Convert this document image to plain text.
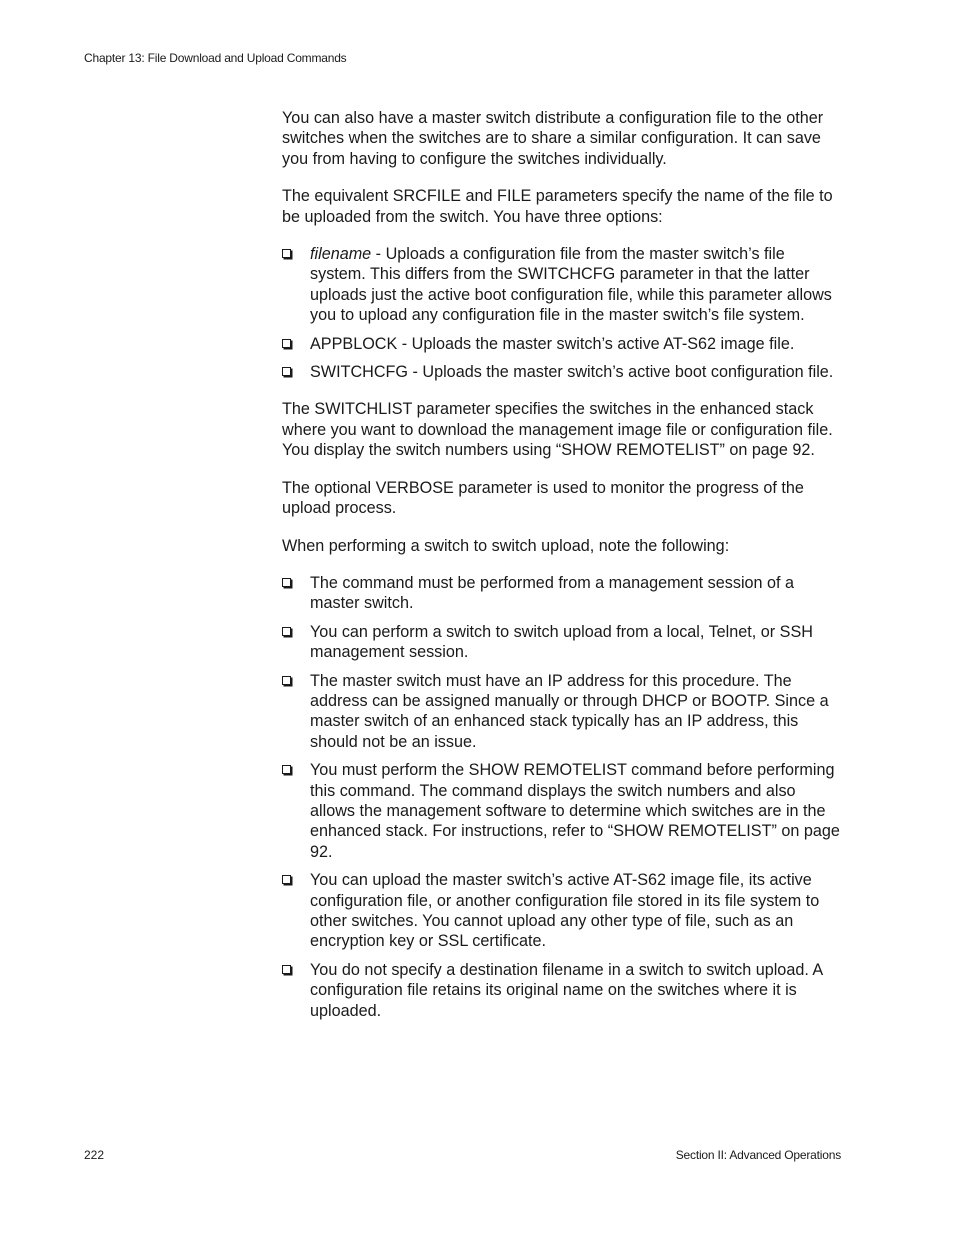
Chapter 13: File Download and Upload Commands

You can also have a master switch distribute a configuration file to the other switches when the switches are to share a similar configuration. It can save you from having to configure the switches individually.

The equivalent SRCFILE and FILE parameters specify the name of the file to be uploaded from the switch. You have three options:

filename - Uploads a configuration file from the master switch’s file system. This differs from the SWITCHCFG parameter in that the latter uploads just the active boot configuration file, while this parameter allows you to upload any configuration file in the master switch’s file system.
APPBLOCK - Uploads the master switch’s active AT-S62 image file.
SWITCHCFG - Uploads the master switch’s active boot configuration file.

The SWITCHLIST parameter specifies the switches in the enhanced stack where you want to download the management image file or configuration file. You display the switch numbers using “SHOW REMOTELIST” on page 92.

The optional VERBOSE parameter is used to monitor the progress of the upload process.

When performing a switch to switch upload, note the following:

The command must be performed from a management session of a master switch.
You can perform a switch to switch upload from a local, Telnet, or SSH management session.
The master switch must have an IP address for this procedure. The address can be assigned manually or through DHCP or BOOTP. Since a master switch of an enhanced stack typically has an IP address, this should not be an issue.
You must perform the SHOW REMOTELIST command before performing this command. The command displays the switch numbers and also allows the management software to determine which switches are in the enhanced stack. For instructions, refer to “SHOW REMOTELIST” on page 92.
You can upload the master switch’s active AT-S62 image file, its active configuration file, or another configuration file stored in its file system to other switches. You cannot upload any other type of file, such as an encryption key or SSL certificate.
You do not specify a destination filename in a switch to switch upload. A configuration file retains its original name on the switches where it is uploaded.
222	Section II: Advanced Operations
